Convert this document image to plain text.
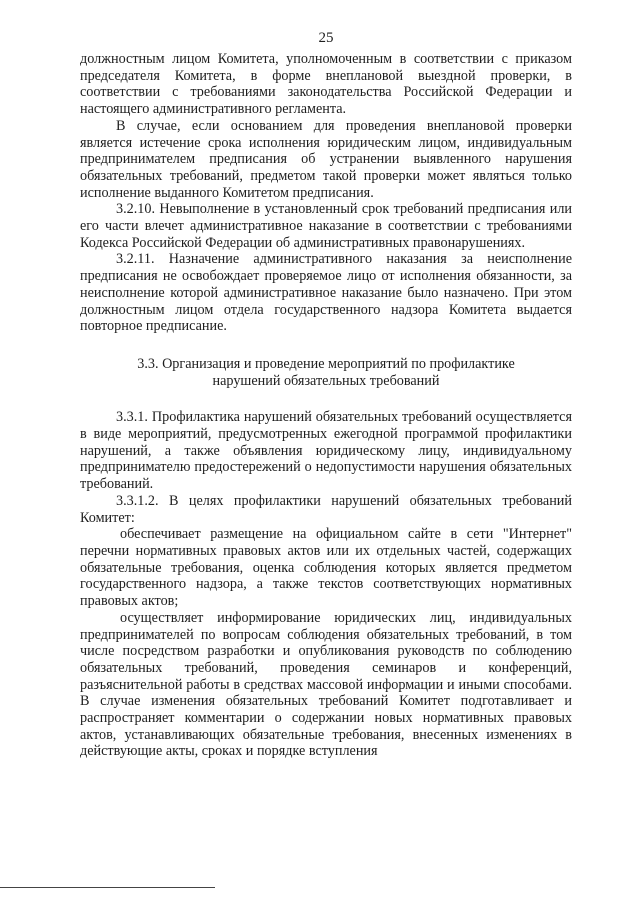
25

должностным лицом Комитета, уполномоченным в соответствии с приказом председателя Комитета, в форме внеплановой выездной проверки, в соответствии с требованиями законодательства Российской Федерации и настоящего административного регламента.

В случае, если основанием для проведения внеплановой проверки является истечение срока исполнения юридическим лицом, индивидуальным предпринимателем предписания об устранении выявленного нарушения обязательных требований, предметом такой проверки может являться только исполнение выданного Комитетом предписания.

3.2.10. Невыполнение в установленный срок требований предписания или его части влечет административное наказание в соответствии с требованиями Кодекса Российской Федерации об административных правонарушениях.

3.2.11. Назначение административного наказания за неисполнение предписания не освобождает проверяемое лицо от исполнения обязанности, за неисполнение которой административное наказание было назначено. При этом должностным лицом отдела государственного надзора Комитета выдается повторное предписание.

3.3. Организация и проведение мероприятий по профилактике
нарушений обязательных требований

3.3.1. Профилактика нарушений обязательных требований осуществляется в виде мероприятий, предусмотренных ежегодной программой профилактики нарушений, а также объявления юридическому лицу, индивидуальному предпринимателю предостережений о недопустимости нарушения обязательных требований.

3.3.1.2. В целях профилактики нарушений обязательных требований Комитет:

обеспечивает размещение на официальном сайте в сети "Интернет" перечни нормативных правовых актов или их отдельных частей, содержащих обязательные требования, оценка соблюдения которых является предметом государственного надзора, а также текстов соответствующих нормативных правовых актов;

осуществляет информирование юридических лиц, индивидуальных предпринимателей по вопросам соблюдения обязательных требований, в том числе посредством разработки и опубликования руководств по соблюдению обязательных требований, проведения семинаров и конференций, разъяснительной работы в средствах массовой информации и иными способами. В случае изменения обязательных требований Комитет подготавливает и распространяет комментарии о содержании новых нормативных правовых актов, устанавливающих обязательные требования, внесенных изменениях в действующие акты, сроках и порядке вступления
